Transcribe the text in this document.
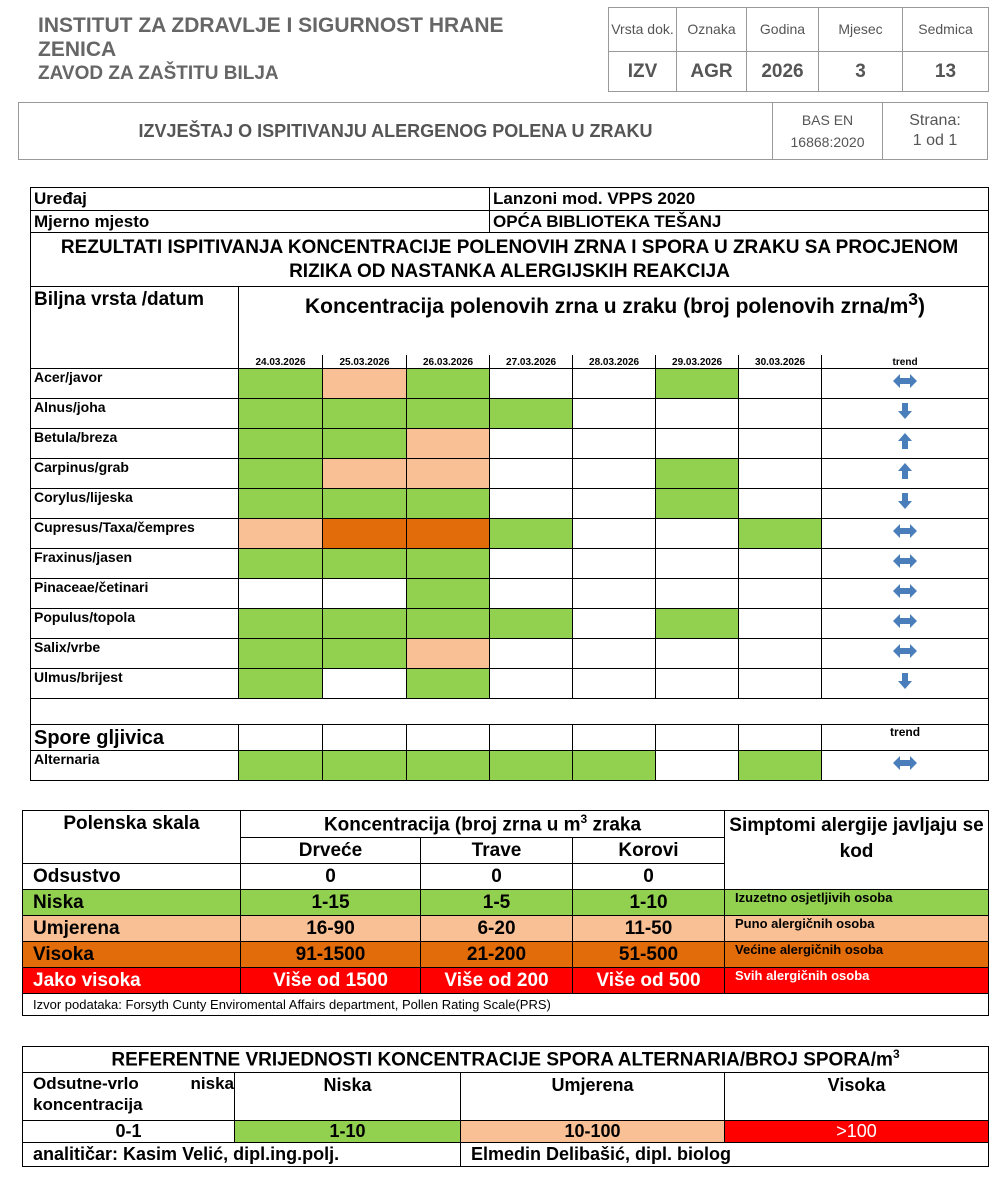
INSTITUT ZA ZDRAVLJE I SIGURNOST HRANE
ZENICA
ZAVOD ZA ZAŠTITU BILJA
Vrsta dok.	Oznaka	Godina	Mjesec	Sedmica
IZV	AGR	2026	3	13
IZVJEŠTAJ O ISPITIVANJU ALERGENOG POLENA U ZRAKU	BAS EN 16868:2020	
Strana:
1 od 1
Uređaj				Lanzoni mod. VPPS 2020				
Mjerno mjesto				OPĆA BIBLIOTEKA TEŠANJ				
REZULTATI ISPITIVANJA KONCENTRACIJE POLENOVIH ZRNA I SPORA U ZRAKU SA PROCJENOM RIZIKA OD NASTANKA ALERGIJSKIH REAKCIJA								
Biljna vrsta /datum	Koncentracija polenovih zrna u zraku (broj polenovih zrna/$m^3$)							
	24.03.2026	25.03.2026	26.03.2026	27.03.2026	28.03.2026	29.03.2026	30.03.2026	trend
Acer/javor								
Alnus/joha								
Betula/breza								
Carpinus/grab								
Corylus/lijeska								
Cupresus/Taxa/čempres								
Fraxinus/jasen								
Pinaceae/četinari								
Populus/topola								
Salix/vrbe								
Ulmus/brijest								

Spore gljivica								trend
Alternaria								
Polenska skala	Koncentracija (broj zrna u $m^3$ zraka			Simptomi alergije javljaju se kod
	Drveće	Trave	Korovi	
Odsustvo	0	0	0	
Niska	1-15	1-5	1-10	Izuzetno osjetljivih osoba
Umjerena	16-90	6-20	11-50	Puno alergičnih osoba
Visoka	91-1500	21-200	51-500	Većine alergičnih osoba
Jako visoka	Više od 1500	Više od 200	Više od 500	Svih alergičnih osoba
Izvor podataka: Forsyth Cunty Enviromental Affairs department, Pollen Rating Scale(PRS)				
REFERENTNE VRIJEDNOSTI KONCENTRACIJE SPORA ALTERNARIA/BROJ SPORA/$m^3$
Odsutne-vrlo niska koncentracija	Niska	Umjerena	Visoka
0-1	1-10	10-100	>100
analitičar: Kasim Velić, dipl.ing.polj.		Elmedin Delibašić, dipl. biolog	
